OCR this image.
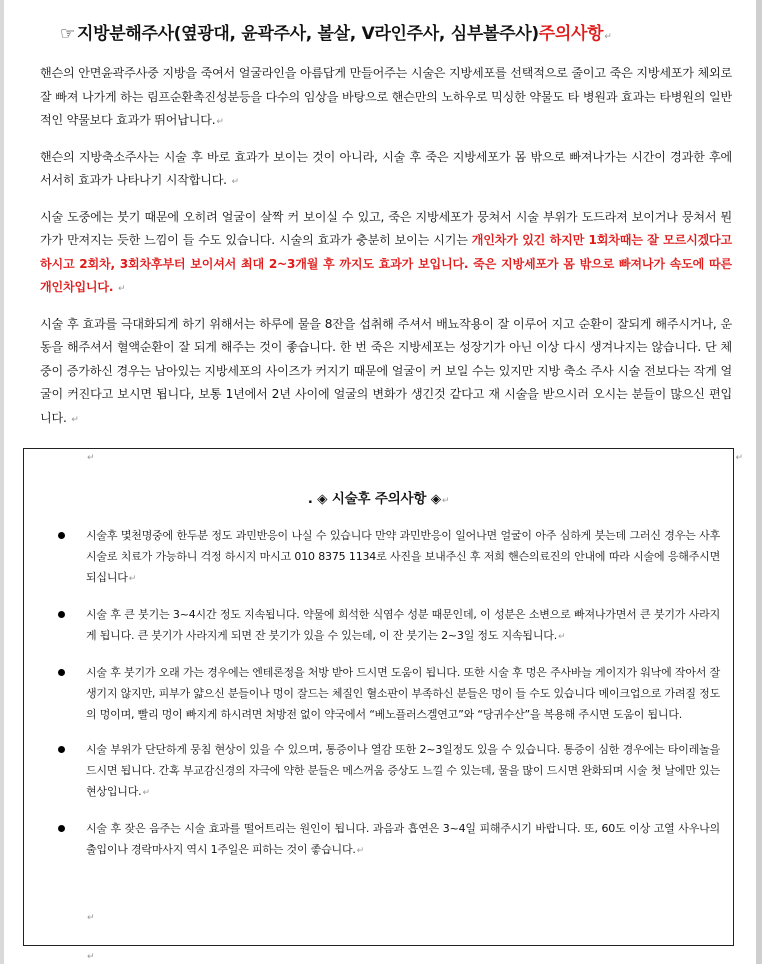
☞ 지방분해주사(옆광대, 윤곽주사, 볼살, V라인주사, 심부볼주사)주의사항↵

핸슨의 안면윤곽주사중 지방을 죽여서 얼굴라인을 아름답게 만들어주는 시술은 지방세포를 선택적으로 줄이고 죽은 지방세포가 체외로 잘 빠져 나가게 하는 림프순환촉진성분등을 다수의 임상을 바탕으로 핸슨만의 노하우로 믹싱한 약물도 타 병원과 효과는 타병원의 일반적인 약물보다 효과가 뛰어납니다.↵

핸슨의 지방축소주사는 시술 후 바로 효과가 보이는 것이 아니라, 시술 후 죽은 지방세포가 몸 밖으로 빠져나가는 시간이 경과한 후에 서서히 효과가 나타나기 시작합니다. ↵

시술 도중에는 붓기 때문에 오히려 얼굴이 살짝 커 보이실 수 있고, 죽은 지방세포가 뭉쳐서 시술 부위가 도드라져 보이거나 뭉쳐서 뭔가가 만져지는 듯한 느낌이 들 수도 있습니다. 시술의 효과가 충분히 보이는 시기는 개인차가 있긴 하지만 1회차때는 잘 모르시겠다고 하시고 2회차, 3회차후부터 보이셔서 최대 2~3개월 후 까지도 효과가 보입니다. 죽은 지방세포가 몸 밖으로 빠져나가 속도에 따른 개인차입니다. ↵

시술 후 효과를 극대화되게 하기 위해서는 하루에 물을 8잔을 섭취해 주셔서 배뇨작용이 잘 이루어 지고 순환이 잘되게 해주시거나, 운동을 해주셔서 혈액순환이 잘 되게 해주는 것이 좋습니다. 한 번 죽은 지방세포는 성장기가 아닌 이상 다시 생겨나지는 않습니다. 단 체중이 증가하신 경우는 남아있는 지방세포의 사이즈가 커지기 때문에 얼굴이 커 보일 수는 있지만 지방 축소 주사 시술 전보다는 작게 얼굴이 커진다고 보시면 됩니다, 보통 1년에서 2년 사이에 얼굴의 변화가 생긴것 같다고 재 시술을 받으시러 오시는 분들이 많으신 편입니다. ↵

↵	↵
. ◈ 시술후 주의사항 ◈↵
시술후 몇천명중에 한두분 정도 과민반응이 나실 수 있습니다 만약 과민반응이 일어나면 얼굴이 아주 심하게 붓는데 그러신 경우는 사후시술로 치료가 가능하니 걱정 하시지 마시고 010 8375 1134로 사진을 보내주신 후 저희 핸슨의료진의 안내에 따라 시술에 응해주시면 되십니다↵
시술 후 큰 붓기는 3~4시간 정도 지속됩니다. 약물에 희석한 식염수 성분 때문인데, 이 성분은 소변으로 빠져나가면서 큰 붓기가 사라지게 됩니다. 큰 붓기가 사라지게 되면 잔 붓기가 있을 수 있는데, 이 잔 붓기는 2~3일 정도 지속됩니다.↵
시술 후 붓기가 오래 가는 경우에는 엔테론정을 처방 받아 드시면 도움이 됩니다. 또한 시술 후 멍은 주사바늘 게이지가 워낙에 작아서 잘 생기지 않지만, 피부가 얇으신 분들이나 멍이 잘드는 체질인 혈소판이 부족하신 분들은 멍이 들 수도 있습니다 메이크업으로 가려질 정도의 멍이며, 빨리 멍이 빠지게 하시려면 처방전 없이 약국에서 “베노플러스겔연고”와 “당귀수산”을 복용해 주시면 도움이 됩니다.
시술 부위가 단단하게 뭉침 현상이 있을 수 있으며, 통증이나 열감 또한 2~3일정도 있을 수 있습니다. 통증이 심한 경우에는 타이레놀을 드시면 됩니다. 간혹 부교감신경의 자극에 약한 분들은 메스꺼움 증상도 느낄 수 있는데, 물을 많이 드시면 완화되며 시술 첫 날에만 있는 현상입니다.↵
시술 후 잦은 음주는 시술 효과를 떨어트리는 원인이 됩니다. 과음과 흡연은 3~4일 피해주시기 바랍니다. 또, 60도 이상 고열 사우나의 출입이나 경락마사지 역시 1주일은 피하는 것이 좋습니다.↵
↵
↵
